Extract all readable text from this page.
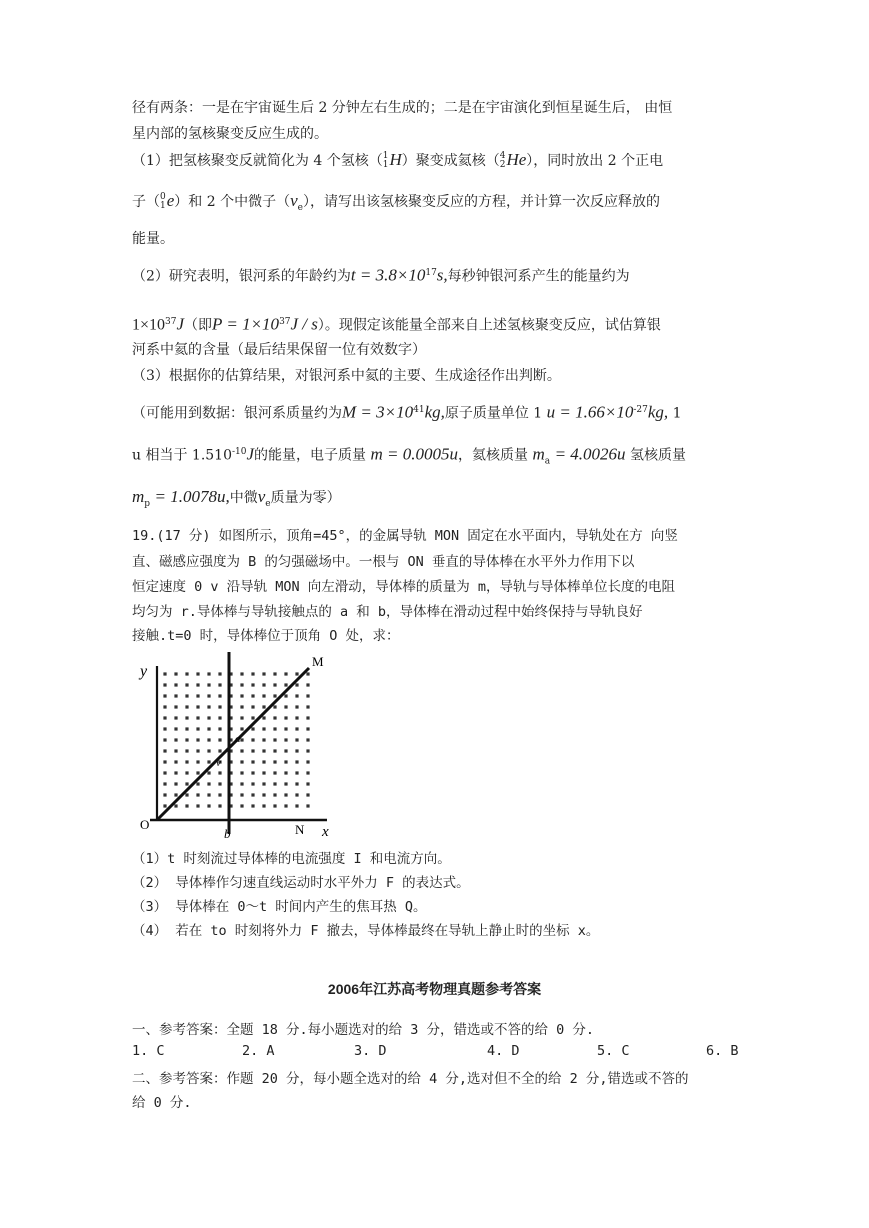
径有两条：一是在宇宙诞生后 2 分钟左右生成的；二是在宇宙演化到恒星诞生后， 由恒
星内部的氢核聚变反应生成的。
（1）把氢核聚变反就简化为 4 个氢核（1
1H）聚变成氦核（4
2He），同时放出 2 个正电
子（0
1e）和 2 个中微子$(\nu_e)$，请写出该氢核聚变反应的方程，并计算一次反应释放的
能量。
（2）研究表明，银河系的年龄约为$t = 3.8\times 10^{17}s$,每秒钟银河系产生的能量约为
$1\times 10^{37}J$（即$P = 1\times 10^{37}J / s$）。现假定该能量全部来自上述氢核聚变反应，试估算银
河系中氦的含量（最后结果保留一位有效数字）
（3）根据你的估算结果，对银河系中氦的主要、生成途径作出判断。
（可能用到数据：银河系质量约为$M = 3\times 10^{41}kg$,原子质量单位 1 $u = 1.66\times 10^{-27}kg$, 1
u 相当于 $1.510^{-10}J$的能量，电子质量 m = 0.0005u，氦核质量 $m_a = 4.0026u$ 氢核质量
$m_p = 1.0078u$,中微$\nu_e$质量为零）
19.(17 分) 如图所示，顶角=45°，的金属导轨 MON 固定在水平面内，导轨处在方 向竖
直、磁感应强度为 B 的匀强磁场中。一根与 ON 垂直的导体棒在水平外力作用下以
恒定速度 0 v 沿导轨 MON 向左滑动，导体棒的质量为 m，导轨与导体棒单位长度的电阻
均匀为 r.导体棒与导轨接触点的 a 和 b，导体棒在滑动过程中始终保持与导轨良好
接触.t=0 时，导体棒位于顶角 O 处，求：
y
M
O	N x
b
a
v
（1）t 时刻流过导体棒的电流强度 I 和电流方向。
（2） 导体棒作匀速直线运动时水平外力 F 的表达式。
（3） 导体棒在 0～t 时间内产生的焦耳热 Q。
（4） 若在 to 时刻将外力 F 撤去，导体棒最终在导轨上静止时的坐标 x。
2006年江苏高考物理真题参考答案
一、参考答案：全题 18 分.每小题选对的给 3 分，错选或不答的给 0 分.
1. C	2. A	3. D	4. D	5. C	6. B
二、参考答案：作题 20 分，每小题全选对的给 4 分,选对但不全的给 2 分,错选或不答的
给 0 分.
